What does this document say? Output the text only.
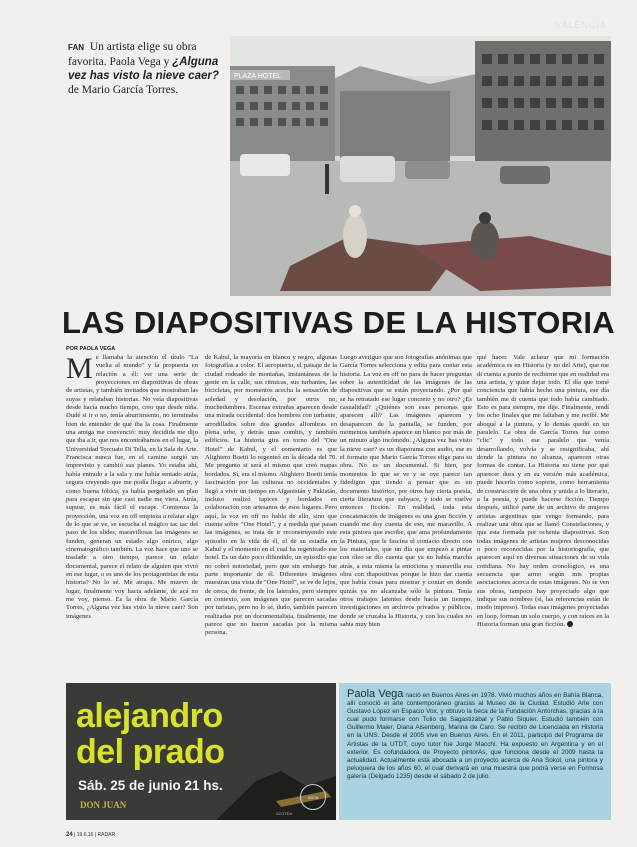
VALENCIA
FAN Un artista elige su obra favorita. Paola Vega y ¿Alguna vez has visto la nieve caer? de Mario García Torres.
PLAZA HOTEL
LAS DIAPOSITIVAS DE LA HISTORIA
POR PAOLA VEGA
M e llamaba la atención el título "La vuelta al mundo" y la propuesta en relación a él: ver una serie de proyecciones en diapositivas de obras de artistas, y también invitados que mostraban las suyas y relataban historias. No veía diapositivas desde hacía mucho tiempo, creo que desde niña. Dudé si ir o no, tenía aburrimiento, no terminaba bien de entender de qué iba la cosa. Finalmente una amiga me convenció: muy decidida me dijo que iba a ir, que nos encontrábamos en el lugar, la Universidad Torcuato Di Tella, en la Sala de Arte. Francisca nunca fue, en el camino surgió un imprevisto y cambió sus planes. Yo estaba ahí, había entrado a la sala y me había sentado atrás, segura creyendo que me podía llegar a aburrir, y como buena fóbica, ya había pergeñado un plan para escapar sin que casi nadie me viera. Atrás, supuse, es más fácil el escape. Comienza la proyección, una voz en off empieza a relatar algo de lo que se ve, se escucha el mágico tac tac del paso de los slides, maravillosas las imágenes se funden, generan un estado algo onírico, algo cinematográfico también. La voz hace que uno se traslade a otro tiempo, parece un relato documental, parece el relato de alguien que vivió en ese lugar, o es uno de los protagonistas de esta historia? No lo sé. Me atrapa. Me muevo de lugar, finalmente voy hacia adelante, de acá no me voy, pienso. Es la obra de Mario García Torres, ¿Alguna vez has visto la nieve caer? Son imágenes

de Kabul, la mayoría en blanco y negro, algunas fotografías a color. El aeropuerto, el paisaje de la ciudad rodeado de montañas, instantáneas de la gente en la calle, sus ritmicas, sus turbantes, las bicicletas, por momentos acecha la sensación de soledad y desolación, por otros no, muchedumbres. Escenas extrañas aparecen desde una mirada occidental: dos hombres con turbante, arrodillados sobre dos grandes alfombras en plena urbe, y detrás unas combis, y también edificios. La historia gira en torno del "One Hotel" de Kabul, y el comentario es que Alighiero Boetti lo regenteó en la década del 70. Me pregunto si será el mismo que creó mapas bordados. Sí, era el mismo. Alighiero Boetti tenía fascinación por las culturas no occidentales y llegó a vivir un tiempo en Afganistán y Pakistán, incluso realizó tapices y bordados en colaboración con artesanos de esos lugares. Pero aquí, la voz en off no habla de ello, sino que cuenta sobre "One Hotel", y a medida que pasan las imágenes, se trata de ir reconstruyendo este episodio en la vida de él, el de su estadía en Kabul y el momento en el cual ha regenteado ese hotel. Es un dato poco difundido, un episodio que no cobró notoriedad, pero que sin embargo fue parte importante de él. Diferentes imágenes muestran una vista de "One Hotel", se ve de lejos, de cerca, de frente, de los laterales, pero siempre en contexto, son imágenes que parecen sacadas por turistas, pero no lo sé, dudo, también parecen realizadas por un documentalista, finalmente, me parece que no fueron sacadas por la misma persona.

Luego averiguo que son fotografías anónimas que García Torres selecciona y edita para contar esta historia. La voz en off no para de hacer preguntas sobre la autenticidad de las imágenes de las diapositivas que se están proyectando. ¿Por qué se ha retratado ese lugar concreto y no otro? ¿Es casualidad? ¿Quiénes son esas personas que aparecen allí? Las imágenes aparecen y desaparecen de la pantalla, se funden, por momentos también aparece un blanco por más de un minuto algo incómodo. ¿Alguna vez has visto la nieve caer? es un diaporama con audio, ese es el formato que Mario García Torres elige para su obra. No es un documental. Si bien, por momentos lo que se ve y se oye parece tan fidedigno que tiendo a pensar que es un documento histórico, por otros hay cierta poesía, cierta literatura que subyace, y todo se vuelve entonces ficción. En realidad, toda esta concatenación de imágenes es una gran ficción y cuando me doy cuenta de eso, me maravillo. A esta pintora que escribe, que ama profundamente la Pintura, que le fascina el contacto directo con los materiales, que un día que empezó a pintar con óleo se dio cuenta que ya no había marcha atrás, a esta misma la emociona y maravilla esa obra con diapositivas porque le hizo dar cuenta que había cosas para mostrar y contar en donde quizás ya no alcanzaba sólo la pintura. Tenía otros trabajos latentes desde hacía un tiempo, investigaciones en archivos privados y públicos, donde se cruzaba la Historia, y con los cuales no sabía muy bien

qué hacer. Vale aclarar que mi formación académica es en Historia (y no del Arte), que me di cuenta a punto de recibirme que en realidad era una artista, y quise dejar todo. El día que tomé conciencia que había hecho una pintura, ese día también me di cuenta que todo había cambiado. Esto es para siempre, me dije. Finalmente, rendí los ocho finales que me faltaban y me recibí. Me aboqué a la pintura, y lo demás quedó en un paralelo. La obra de García Torres fue como "clic" y todo ese paralelo que venía desarrollando, volvía y se resignificaba, ahí donde la pintura no alcanza, aparecen otras formas de contar. La Historia no tiene por qué aparecer dura y en su versión más académica, puede hacerlo como soporte, como herramienta de construcción de una obra y unida a lo literario, a la poesía, y puede hacerse ficción. Tiempo después, utilicé parte de un archivo de mujeres artistas argentinas que vengo formando, para realizar una obra que se llamó Constelaciones, y que esta formada por ochenta diapositivas. Son todas imágenes de artistas mujeres desconocidas o poco reconocidas por la historiografía, que aparecen aquí en diversas situaciones de su vida cotidiana. No hay orden cronológico, es una secuencia que armo según mis propias asociaciones acerca de estas imágenes. No se ven sus obras, tampoco hay proyectado algo que indique sus nombres (sí, las referencias están de modo impreso). Todas esas imágenes proyectadas en loop, forman un solo cuerpo, y con raíces en la Historia forman una gran ficción.

alejandro
del prado
Sáb. 25 de junio 21 hs.
DON JUAN
usina
AZOTEA
Paola Vega nació en Buenos Aires en 1978. Vivió muchos años en Bahía Blanca, allí conoció el arte contemporáneo gracias al Museo de la Ciudad. Estudió Arte con Gustavo López en Espacio Vox, y obtuvo la beca de la Fundación Antorchas, gracias a la cual pudo formarse con Tulio de Sagastizábal y Pablo Siquier. Estudió también con Guillermo Maier, Diana Aisenberg, Marina de Caro. Se recibió de Licenciada en Historia en la UNS. Desde el 2005 vive en Buenos Aires. En el 2011, participó del Programa de Artistas de la UTDT, cuyo tutor fue Jorge Macchi. Ha expuesto en Argentina y en el exterior. Es cofundadora de Proyecto pintorAs, que funciona desde el 2009 hasta la actualidad. Actualmente está abocada a un proyecto acerca de Ana Sokol, una pintora y peluquera de los años 60, el cual derivará en una muestra que podrá verse en Formosa galería (Delgado 1235) desde el sábado 2 de julio.
24 | 19.6.16 | RADAR
